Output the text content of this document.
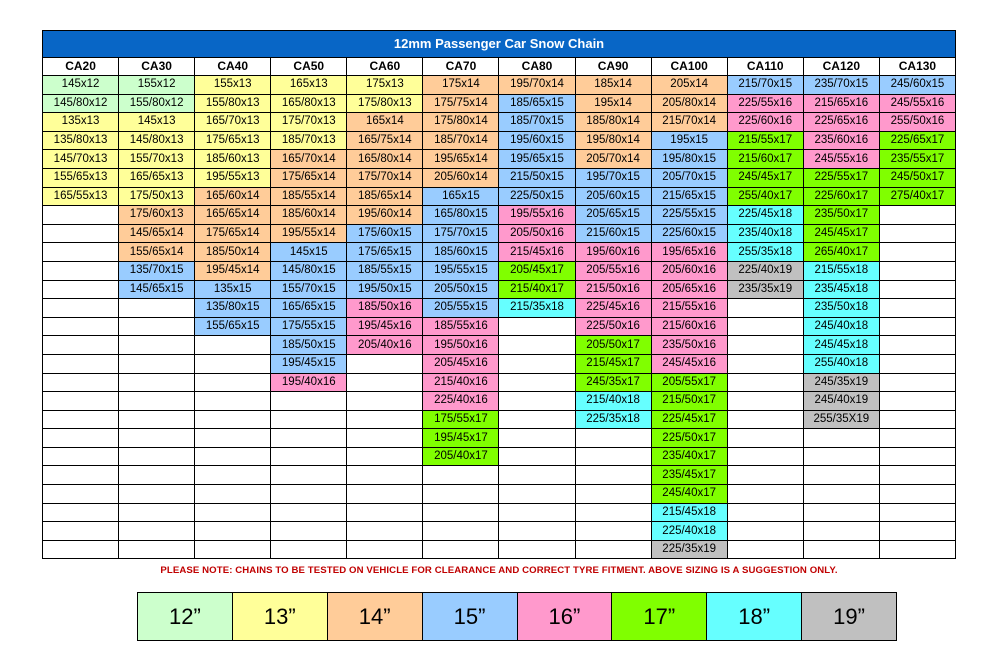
12mm Passenger Car Snow Chain											
CA20	CA30	CA40	CA50	CA60	CA70	CA80	CA90	CA100	CA110	CA120	CA130
145x12	155x12	155x13	165x13	175x13	175x14	195/70x14	185x14	205x14	215/70x15	235/70x15	245/60x15
145/80x12	155/80x12	155/80x13	165/80x13	175/80x13	175/75x14	185/65x15	195x14	205/80x14	225/55x16	215/65x16	245/55x16
135x13	145x13	165/70x13	175/70x13	165x14	175/80x14	185/70x15	185/80x14	215/70x14	225/60x16	225/65x16	255/50x16
135/80x13	145/80x13	175/65x13	185/70x13	165/75x14	185/70x14	195/60x15	195/80x14	195x15	215/55x17	235/60x16	225/65x17
145/70x13	155/70x13	185/60x13	165/70x14	165/80x14	195/65x14	195/65x15	205/70x14	195/80x15	215/60x17	245/55x16	235/55x17
155/65x13	165/65x13	195/55x13	175/65x14	175/70x14	205/60x14	215/50x15	195/70x15	205/70x15	245/45x17	225/55x17	245/50x17
165/55x13	175/50x13	165/60x14	185/55x14	185/65x14	165x15	225/50x15	205/60x15	215/65x15	255/40x17	225/60x17	275/40x17
	175/60x13	165/65x14	185/60x14	195/60x14	165/80x15	195/55x16	205/65x15	225/55x15	225/45x18	235/50x17	
	145/65x14	175/65x14	195/55x14	175/60x15	175/70x15	205/50x16	215/60x15	225/60x15	235/40x18	245/45x17	
	155/65x14	185/50x14	145x15	175/65x15	185/60x15	215/45x16	195/60x16	195/65x16	255/35x18	265/40x17	
	135/70x15	195/45x14	145/80x15	185/55x15	195/55x15	205/45x17	205/55x16	205/60x16	225/40x19	215/55x18	
	145/65x15	135x15	155/70x15	195/50x15	205/50x15	215/40x17	215/50x16	205/65x16	235/35x19	235/45x18	
		135/80x15	165/65x15	185/50x16	205/55x15	215/35x18	225/45x16	215/55x16		235/50x18	
		155/65x15	175/55x15	195/45x16	185/55x16		225/50x16	215/60x16		245/40x18	
			185/50x15	205/40x16	195/50x16		205/50x17	235/50x16		245/45x18	
			195/45x15		205/45x16		215/45x17	245/45x16		255/40x18	
			195/40x16		215/40x16		245/35x17	205/55x17		245/35x19	
					225/40x16		215/40x18	215/50x17		245/40x19	
					175/55x17		225/35x18	225/45x17		255/35X19	
					195/45x17			225/50x17			
					205/40x17			235/40x17			
								235/45x17			
								245/40x17			
								215/45x18			
								225/40x18			
								225/35x19			
PLEASE NOTE: CHAINS TO BE TESTED ON VEHICLE FOR CLEARANCE AND CORRECT TYRE FITMENT. ABOVE SIZING IS A SUGGESTION ONLY.
12”	13”	14”	15”	16”	17”	18”	19”
